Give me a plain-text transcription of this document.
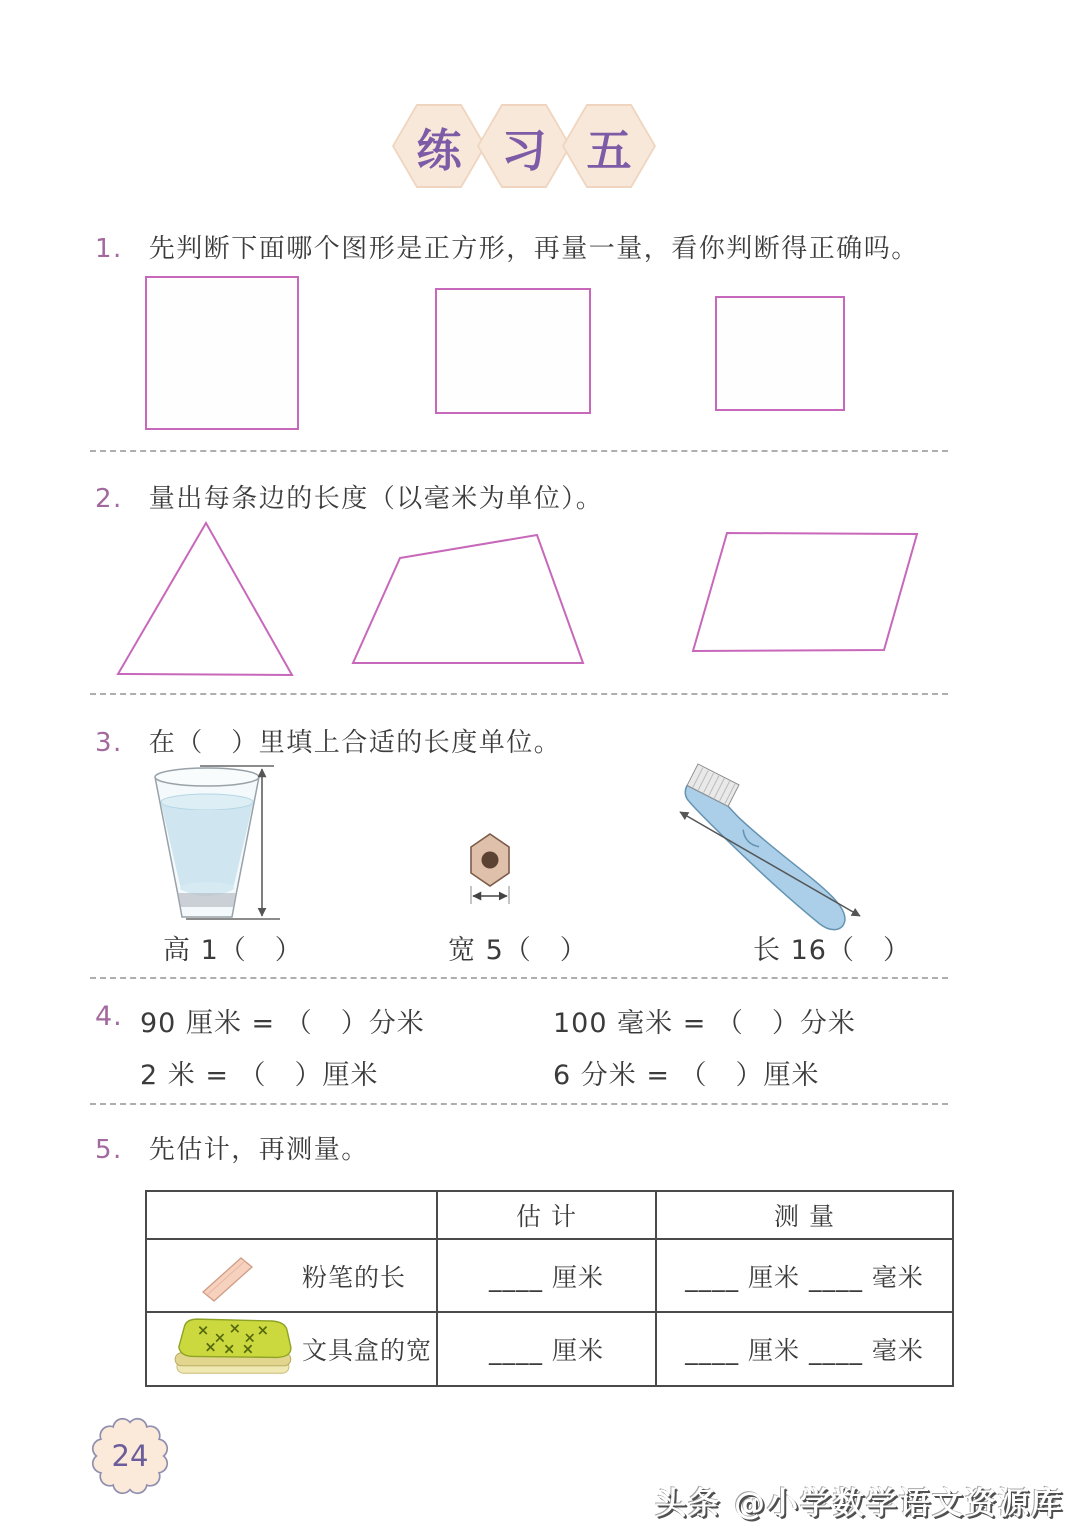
练 习 五
1. 先判断下面哪个图形是正方形，再量一量，看你判断得正确吗。
2. 量出每条边的长度（以毫米为单位）。
3. 在（　）里填上合适的长度单位。
高 1（　）	宽 5（　）	长 16（　）
4. 90 厘米 = （　）分米	100 毫米 = （　）分米
2 米 = （　）厘米	6 分米 = （　）厘米
5. 先估计，再测量。
	估 计	测 量

粉笔的长	____ 厘米	____ 厘米 ____ 毫米

文具盒的宽	____ 厘米	____ 厘米 ____ 毫米
24
头条 @小学数学语文资源库
